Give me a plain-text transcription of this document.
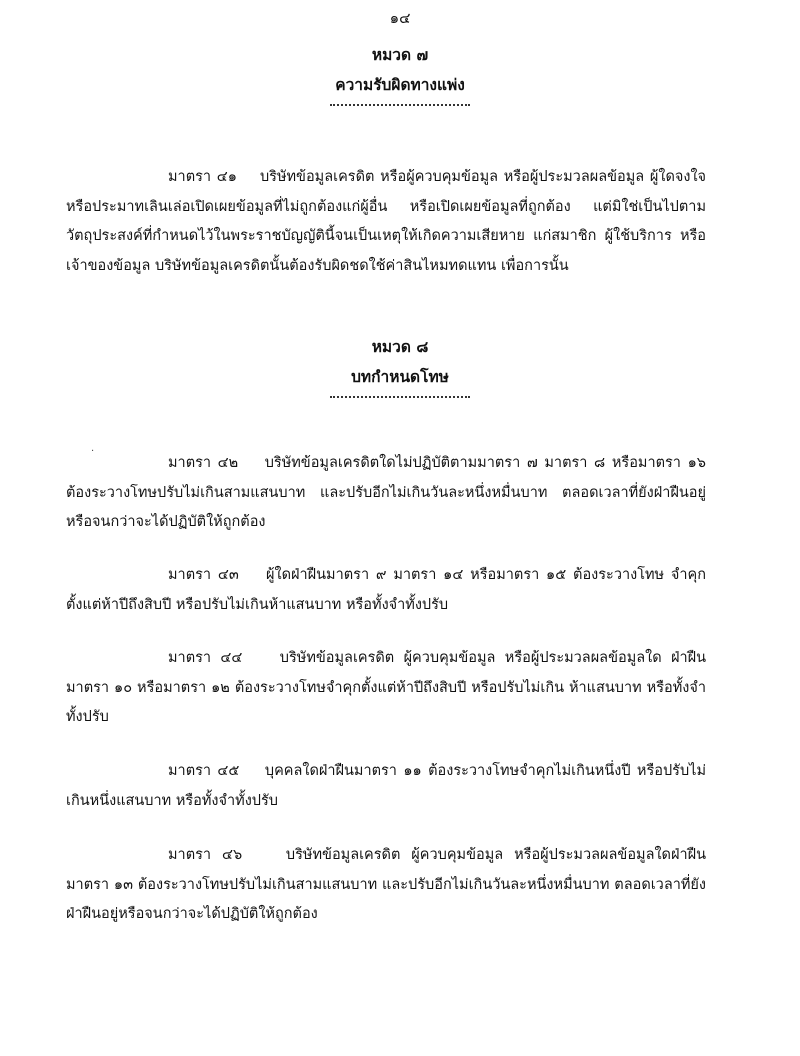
๑๔
หมวด ๗
ความรับผิดทางแพ่ง

มาตรา ๔๑ บริษัทข้อมูลเครดิต หรือผู้ควบคุมข้อมูล หรือผู้ประมวลผลข้อมูล ผู้ใดจงใจหรือประมาทเลินเล่อเปิดเผยข้อมูลที่ไม่ถูกต้องแก่ผู้อื่น หรือเปิดเผยข้อมูลที่ถูกต้อง แต่มิใช่เป็นไปตามวัตถุประสงค์ที่กำหนดไว้ในพระราชบัญญัตินี้จนเป็นเหตุให้เกิดความเสียหาย แก่สมาชิก ผู้ใช้บริการ หรือเจ้าของข้อมูล บริษัทข้อมูลเครดิตนั้นต้องรับผิดชดใช้ค่าสินไหมทดแทน เพื่อการนั้น

หมวด ๘
บทกำหนดโทษ
·

มาตรา ๔๒ บริษัทข้อมูลเครดิตใดไม่ปฏิบัติตามมาตรา ๗ มาตรา ๘ หรือมาตรา ๑๖ ต้องระวางโทษปรับไม่เกินสามแสนบาท และปรับอีกไม่เกินวันละหนึ่งหมื่นบาท ตลอดเวลาที่ยังฝ่าฝืนอยู่หรือจนกว่าจะได้ปฏิบัติให้ถูกต้อง

มาตรา ๔๓ ผู้ใดฝ่าฝืนมาตรา ๙ มาตรา ๑๔ หรือมาตรา ๑๕ ต้องระวางโทษ จำคุกตั้งแต่ห้าปีถึงสิบปี หรือปรับไม่เกินห้าแสนบาท หรือทั้งจำทั้งปรับ

มาตรา ๔๔	บริษัทข้อมูลเครดิต ผู้ควบคุมข้อมูล หรือผู้ประมวลผลข้อมูลใด ฝ่าฝืนมาตรา ๑๐ หรือมาตรา ๑๒ ต้องระวางโทษจำคุกตั้งแต่ห้าปีถึงสิบปี หรือปรับไม่เกิน ห้าแสนบาท หรือทั้งจำทั้งปรับ

มาตรา ๔๕ บุคคลใดฝ่าฝืนมาตรา ๑๑ ต้องระวางโทษจำคุกไม่เกินหนึ่งปี หรือปรับไม่เกินหนึ่งแสนบาท หรือทั้งจำทั้งปรับ

มาตรา ๔๖	บริษัทข้อมูลเครดิต ผู้ควบคุมข้อมูล หรือผู้ประมวลผลข้อมูลใดฝ่าฝืน มาตรา ๑๓ ต้องระวางโทษปรับไม่เกินสามแสนบาท และปรับอีกไม่เกินวันละหนึ่งหมื่นบาท ตลอดเวลาที่ยังฝ่าฝืนอยู่หรือจนกว่าจะได้ปฏิบัติให้ถูกต้อง
